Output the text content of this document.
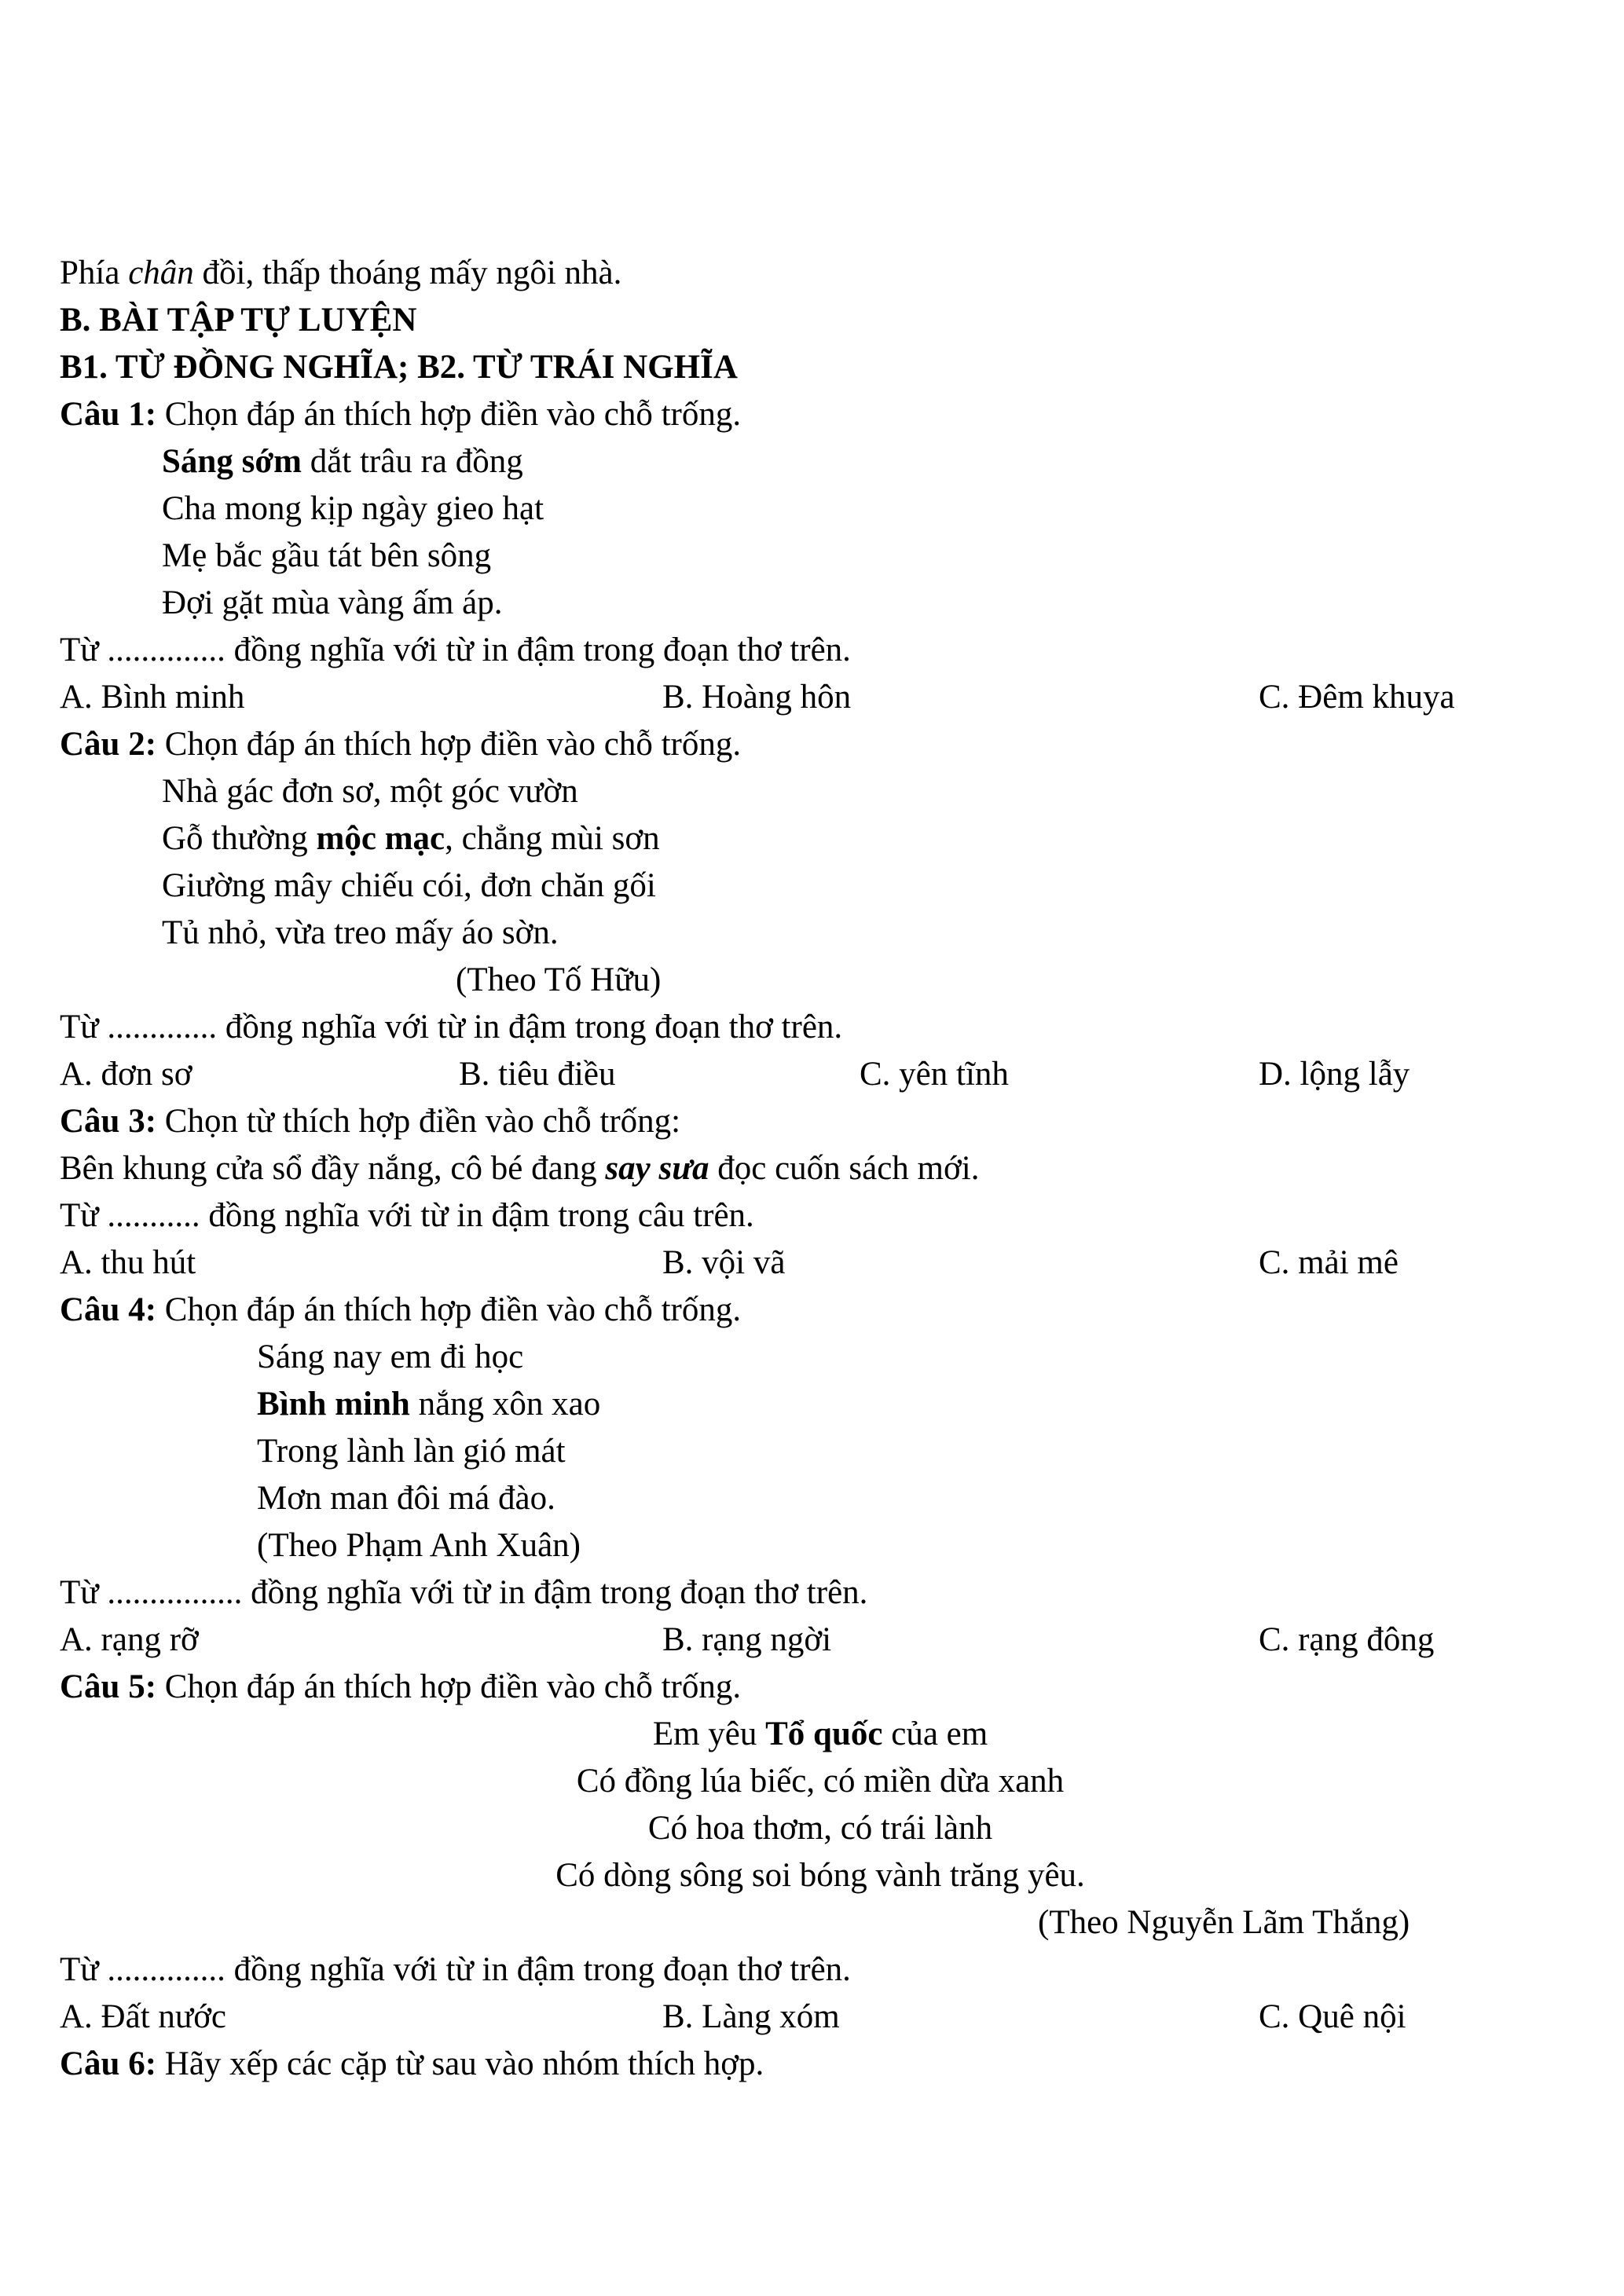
Phía chân đồi, thấp thoáng mấy ngôi nhà.
B. BÀI TẬP TỰ LUYỆN
B1. TỪ ĐỒNG NGHĨA; B2. TỪ TRÁI NGHĨA
Câu 1: Chọn đáp án thích hợp điền vào chỗ trống.
Sáng sớm dắt trâu ra đồng
Cha mong kịp ngày gieo hạt
Mẹ bắc gầu tát bên sông
Đợi gặt mùa vàng ấm áp.
Từ .............. đồng nghĩa với từ in đậm trong đoạn thơ trên.
A. Bình minh	B. Hoàng hôn	C. Đêm khuya
Câu 2: Chọn đáp án thích hợp điền vào chỗ trống.
Nhà gác đơn sơ, một góc vườn
Gỗ thường mộc mạc, chẳng mùi sơn
Giường mây chiếu cói, đơn chăn gối
Tủ nhỏ, vừa treo mấy áo sờn.
(Theo Tố Hữu)
Từ ............. đồng nghĩa với từ in đậm trong đoạn thơ trên.
A. đơn sơ	B. tiêu điều	C. yên tĩnh	D. lộng lẫy
Câu 3: Chọn từ thích hợp điền vào chỗ trống:
Bên khung cửa sổ đầy nắng, cô bé đang say sưa đọc cuốn sách mới.
Từ ........... đồng nghĩa với từ in đậm trong câu trên.
A. thu hút	B. vội vã	C. mải mê
Câu 4: Chọn đáp án thích hợp điền vào chỗ trống.
Sáng nay em đi học
Bình minh nắng xôn xao
Trong lành làn gió mát
Mơn man đôi má đào.
(Theo Phạm Anh Xuân)
Từ ................ đồng nghĩa với từ in đậm trong đoạn thơ trên.
A. rạng rỡ	B. rạng ngời	C. rạng đông
Câu 5: Chọn đáp án thích hợp điền vào chỗ trống.
Em yêu Tổ quốc của em
Có đồng lúa biếc, có miền dừa xanh
Có hoa thơm, có trái lành
Có dòng sông soi bóng vành trăng yêu.
(Theo Nguyễn Lãm Thắng)
Từ .............. đồng nghĩa với từ in đậm trong đoạn thơ trên.
A. Đất nước	B. Làng xóm	C. Quê nội
Câu 6: Hãy xếp các cặp từ sau vào nhóm thích hợp.
